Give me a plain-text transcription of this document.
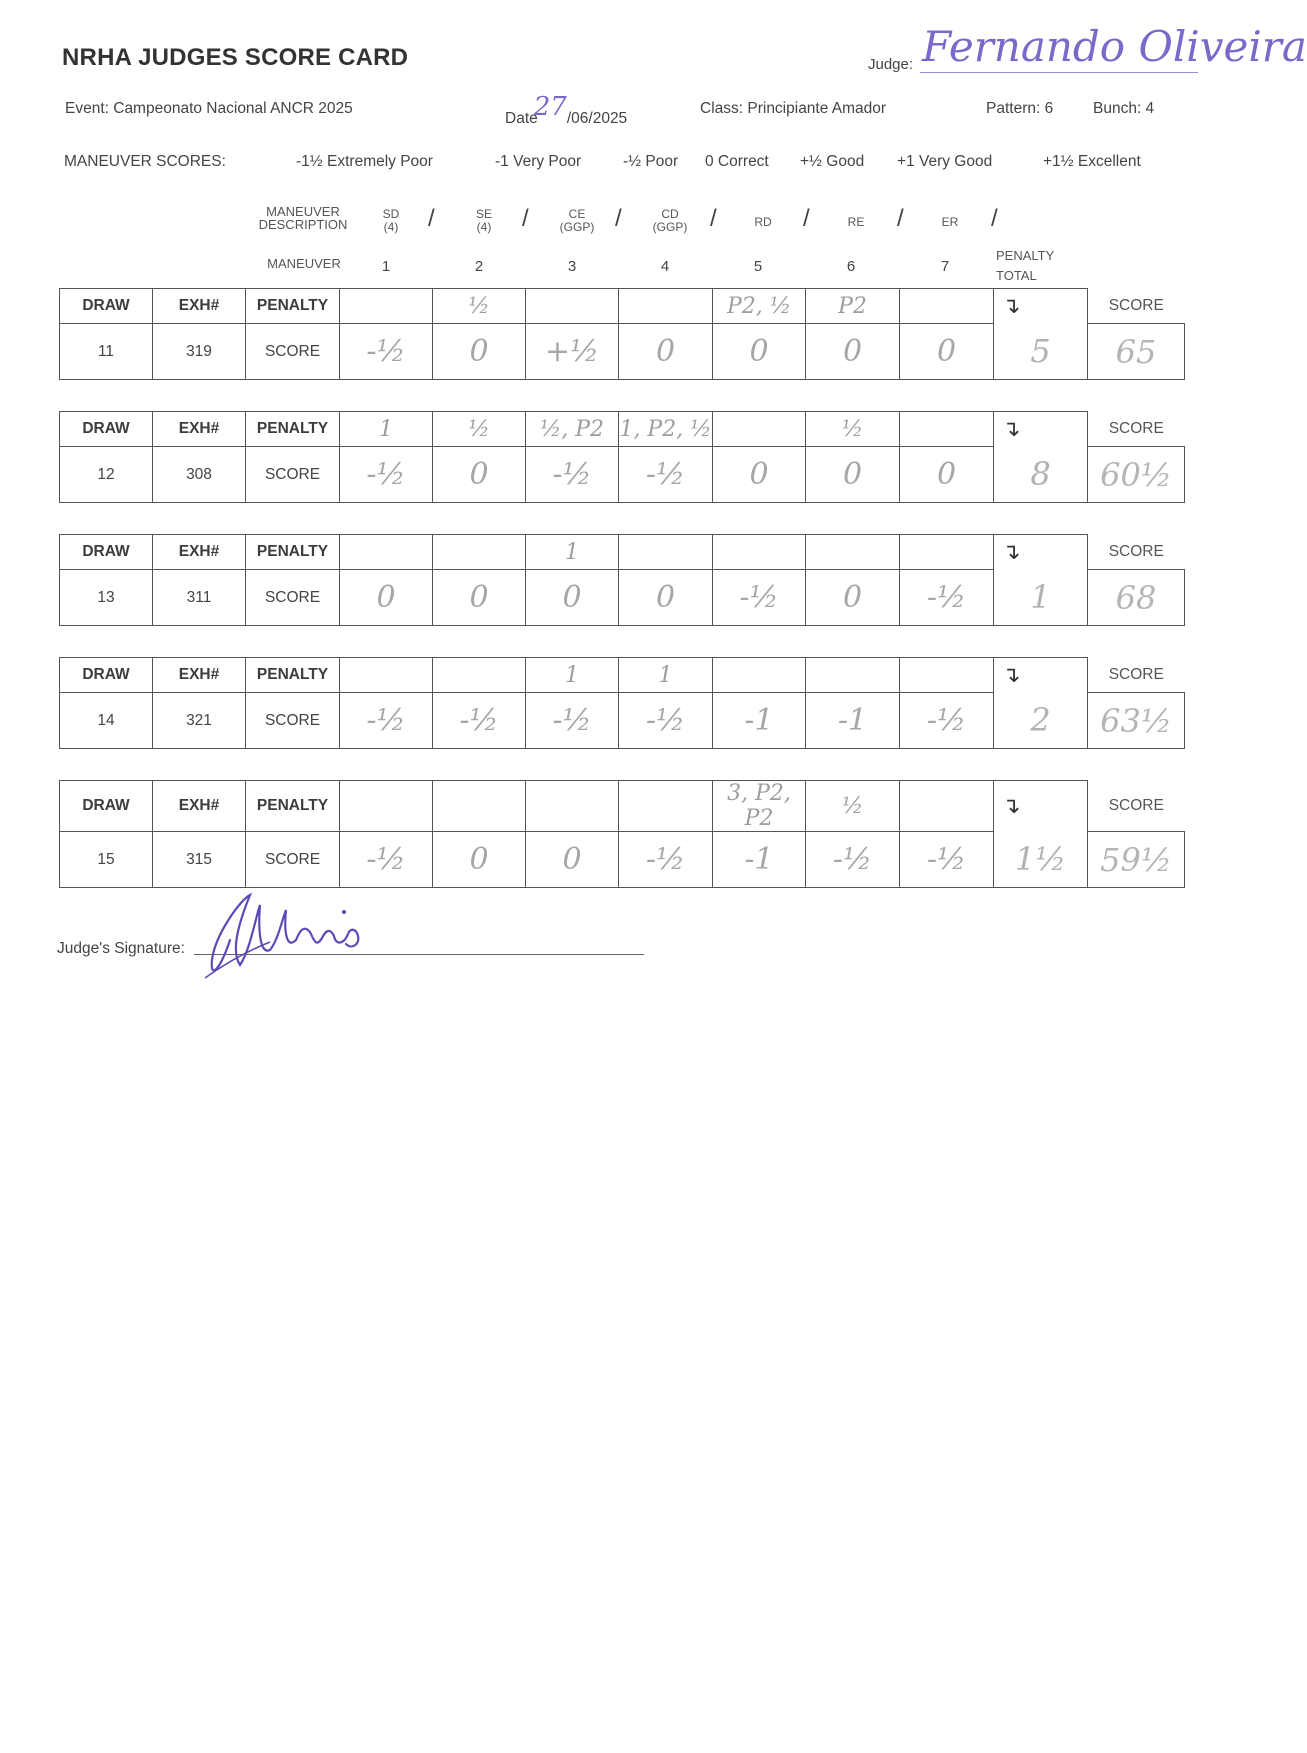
NRHA JUDGES SCORE CARD	Judge: Fernando Oliveira
Event: Campeonato Nacional ANCR 2025
Date27/06/2025
Class: Principiante Amador	Pattern: 6	Bunch: 4
MANEUVER SCORES:	-1½ Extremely Poor	-1 Very Poor	-½ Poor 0 Correct +½ Good +1 Very Good	+1½ Excellent
MANEUVER
DESCRIPTION
MANEUVER
SD
(4)
SE
(4)
CE
(GGP)
CD
(GGP)	RD	RE	ER
/	/	/	/	/	/	/
1	2	3	4	5	6	7
PENALTY
TOTAL
DRAW	EXH#	PENALTY		½			P2, ½	P2		↴	SCORE
11	319	SCORE	-½	0	+½	0	0	0	0	5	65
DRAW	EXH#	PENALTY	1	½	½, P2	1, P2, ½		½		↴	SCORE
12	308	SCORE	-½	0	-½	-½	0	0	0	8	60½
DRAW	EXH#	PENALTY			1					↴	SCORE
13	311	SCORE	0	0	0	0	-½	0	-½	1	68
DRAW	EXH#	PENALTY			1	1				↴	SCORE
14	321	SCORE	-½	-½	-½	-½	-1	-1	-½	2	63½
DRAW	EXH#	PENALTY					3, P2, P2	½		↴	SCORE
15	315	SCORE	-½	0	0	-½	-1	-½	-½	1½	59½
Judge's Signature:
